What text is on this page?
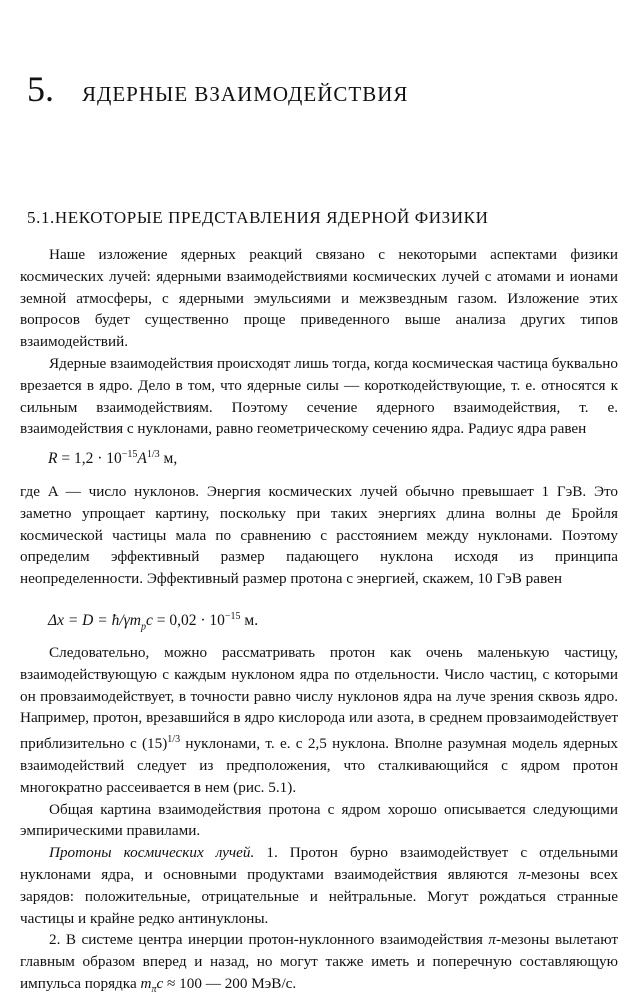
5. ЯДЕРНЫЕ ВЗАИМОДЕЙСТВИЯ
5.1.НЕКОТОРЫЕ ПРЕДСТАВЛЕНИЯ ЯДЕРНОЙ ФИЗИКИ

Наше изложение ядерных реакций связано с некоторыми аспектами физики космических лучей: ядерными взаимодействиями космических лучей с атомами и ионами земной атмосферы, с ядерными эмульсиями и межзвездным газом. Изложение этих вопросов будет существенно проще приведенного выше анализа других типов взаимодействий.

Ядерные взаимодействия происходят лишь тогда, когда космическая частица буквально врезается в ядро. Дело в том, что ядерные силы — короткодействующие, т. е. относятся к сильным взаимодействиям. Поэтому сечение ядерного взаимодействия, т. е. взаимодействия с нуклонами, равно геометрическому сечению ядра. Радиус ядра равен

$R = 1,2 \cdot 10^{-15}A^{1/3}$ м,

где A — число нуклонов. Энергия космических лучей обычно превышает 1 ГэВ. Это заметно упрощает картину, поскольку при таких энергиях длина волны де Бройля космической частицы мала по сравнению с расстоянием между нуклонами. Поэтому определим эффективный размер падающего нуклона исходя из принципа неопределенности. Эффективный размер протона с энергией, скажем, 10 ГэВ равен

$\Delta x = D = ħ/\gamma m_pc = 0,02 \cdot 10^{-15}$ м.

Следовательно, можно рассматривать протон как очень маленькую частицу, взаимодействующую с каждым нуклоном ядра по отдельности. Число частиц, с которыми он провзаимодействует, в точности равно числу нуклонов ядра на луче зрения сквозь ядро. Например, протон, врезавшийся в ядро кислорода или азота, в среднем провзаимодействует приблизительно с $(15)^{1/3}$ нуклонами, т. е. с 2,5 нуклона. Вполне разумная модель ядерных взаимодействий следует из предположения, что сталкивающийся с ядром протон многократно рассеивается в нем (рис. 5.1).

Общая картина взаимодействия протона с ядром хорошо описывается следующими эмпирическими правилами.

Протоны космических лучей. 1. Протон бурно взаимодействует с отдельными нуклонами ядра, и основными продуктами взаимодействия являются π-мезоны всех зарядов: положительные, отрицательные и нейтральные. Могут рождаться странные частицы и крайне редко антинуклоны.

2. В системе центра инерции протон-нуклонного взаимодействия π-мезоны вылетают главным образом вперед и назад, но могут также иметь и поперечную составляющую импульса порядка $m_\pi c \approx 100$ — 200 МэВ/с.
